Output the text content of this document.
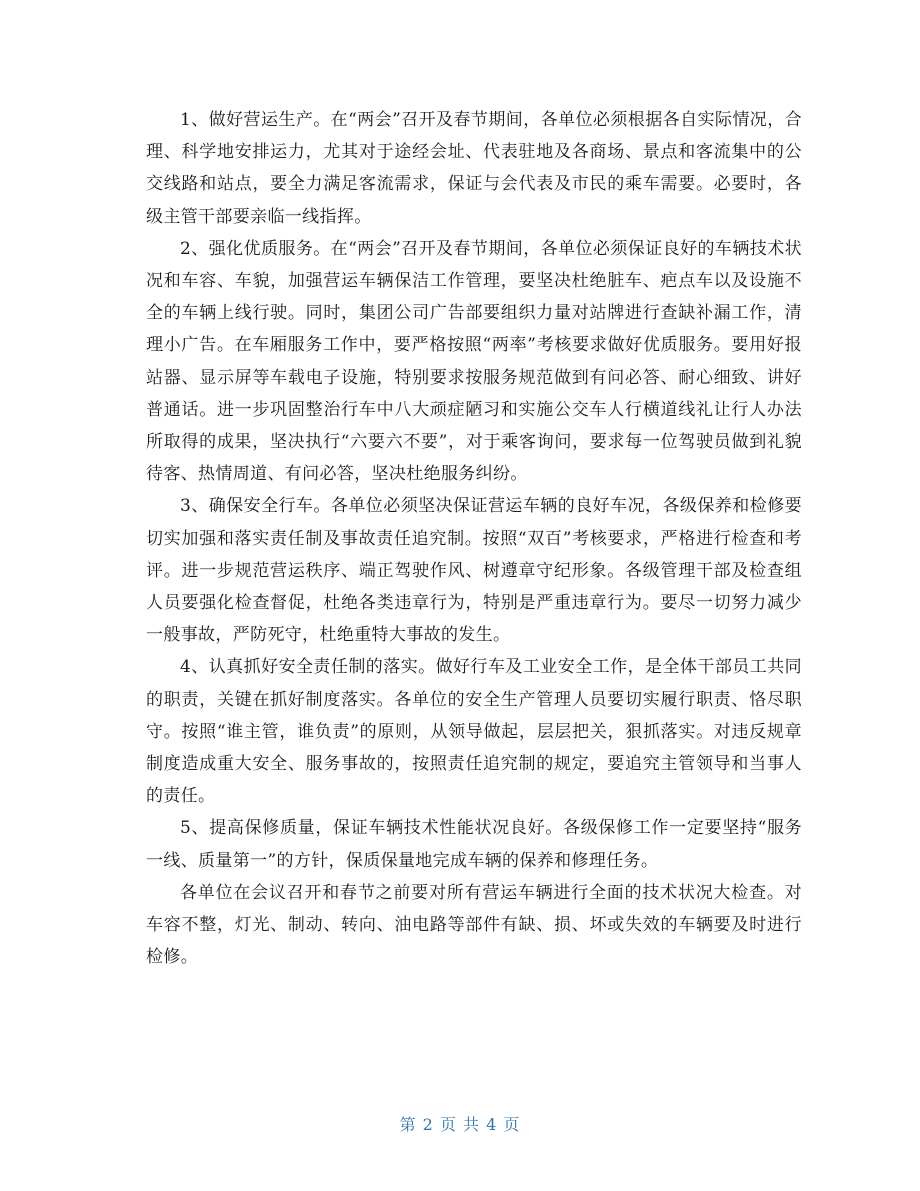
1、做好营运生产。在“两会”召开及春节期间，各单位必须根据各自实际情况，合理、科学地安排运力，尤其对于途经会址、代表驻地及各商场、景点和客流集中的公交线路和站点，要全力满足客流需求，保证与会代表及市民的乘车需要。必要时，各级主管干部要亲临一线指挥。

2、强化优质服务。在“两会”召开及春节期间，各单位必须保证良好的车辆技术状况和车容、车貌，加强营运车辆保洁工作管理，要坚决杜绝脏车、疤点车以及设施不全的车辆上线行驶。同时，集团公司广告部要组织力量对站牌进行查缺补漏工作，清理小广告。在车厢服务工作中，要严格按照“两率”考核要求做好优质服务。要用好报站器、显示屏等车载电子设施，特别要求按服务规范做到有问必答、耐心细致、讲好普通话。进一步巩固整治行车中八大顽症陋习和实施公交车人行横道线礼让行人办法所取得的成果，坚决执行“六要六不要”，对于乘客询问，要求每一位驾驶员做到礼貌待客、热情周道、有问必答，坚决杜绝服务纠纷。

3、确保安全行车。各单位必须坚决保证营运车辆的良好车况，各级保养和检修要切实加强和落实责任制及事故责任追究制。按照“双百”考核要求，严格进行检查和考评。进一步规范营运秩序、端正驾驶作风、树遵章守纪形象。各级管理干部及检查组人员要强化检查督促，杜绝各类违章行为，特别是严重违章行为。要尽一切努力减少一般事故，严防死守，杜绝重特大事故的发生。

4、认真抓好安全责任制的落实。做好行车及工业安全工作，是全体干部员工共同的职责，关键在抓好制度落实。各单位的安全生产管理人员要切实履行职责、恪尽职守。按照“谁主管，谁负责”的原则，从领导做起，层层把关，狠抓落实。对违反规章制度造成重大安全、服务事故的，按照责任追究制的规定，要追究主管领导和当事人的责任。

5、提高保修质量，保证车辆技术性能状况良好。各级保修工作一定要坚持“服务一线、质量第一”的方针，保质保量地完成车辆的保养和修理任务。

各单位在会议召开和春节之前要对所有营运车辆进行全面的技术状况大检查。对车容不整，灯光、制动、转向、油电路等部件有缺、损、坏或失效的车辆要及时进行检修。

第 2 页 共 4 页
